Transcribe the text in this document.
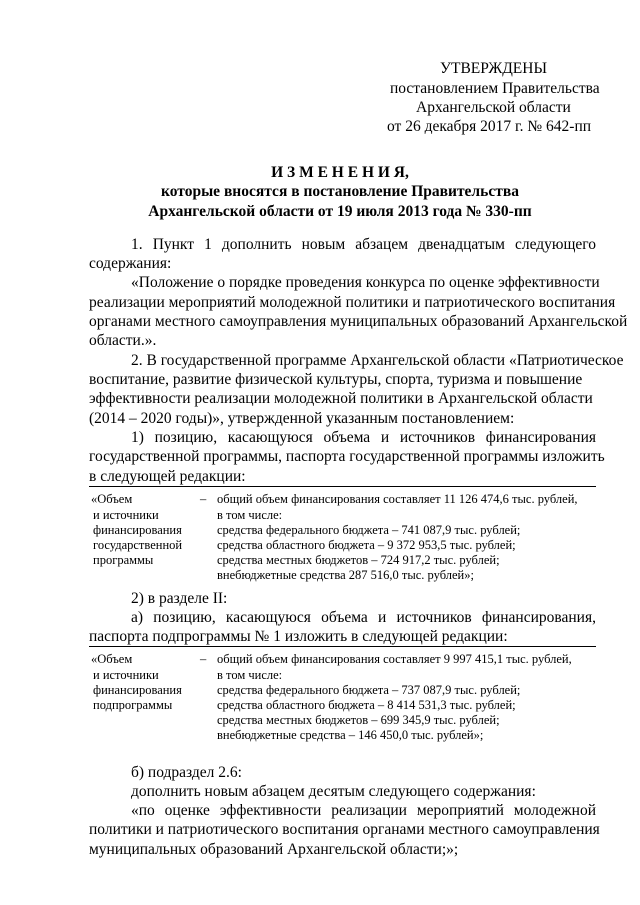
УТВЕРЖДЕНЫ
постановлением Правительства
Архангельской области
от 26 декабря 2017 г. № 642-пп
И З М Е Н Е Н И Я,
которые вносятся в постановление Правительства
Архангельской области от 19 июля 2013 года № 330-пп
1. Пункт 1 дополнить новым абзацем двенадцатым следующего
содержания:
«Положение о порядке проведения конкурса по оценке эффективности
реализации мероприятий молодежной политики и патриотического воспитания
органами местного самоуправления муниципальных образований Архангельской
области.».
2. В государственной программе Архангельской области «Патриотическое
воспитание, развитие физической культуры, спорта, туризма и повышение
эффективности реализации молодежной политики в Архангельской области
(2014 – 2020 годы)», утвержденной указанным постановлением:
1) позицию, касающуюся объема и источников финансирования
государственной программы, паспорта государственной программы изложить
в следующей редакции:
«Объем
и источники
финансирования
государственной
программы
– общий объем финансирования составляет 11 126 474,6 тыс. рублей,
в том числе:
средства федерального бюджета – 741 087,9 тыс. рублей;
средства областного бюджета – 9 372 953,5 тыс. рублей;
средства местных бюджетов – 724 917,2 тыс. рублей;
внебюджетные средства 287 516,0 тыс. рублей»;
2) в разделе II:
а) позицию, касающуюся объема и источников финансирования,
паспорта подпрограммы № 1 изложить в следующей редакции:
«Объем
и источники
финансирования
подпрограммы
– общий объем финансирования составляет 9 997 415,1 тыс. рублей,
в том числе:
средства федерального бюджета – 737 087,9 тыс. рублей;
средства областного бюджета – 8 414 531,3 тыс. рублей;
средства местных бюджетов – 699 345,9 тыс. рублей;
внебюджетные средства – 146 450,0 тыс. рублей»;
б) подраздел 2.6:
дополнить новым абзацем десятым следующего содержания:
«по оценке эффективности реализации мероприятий молодежной
политики и патриотического воспитания органами местного самоуправления
муниципальных образований Архангельской области;»;
